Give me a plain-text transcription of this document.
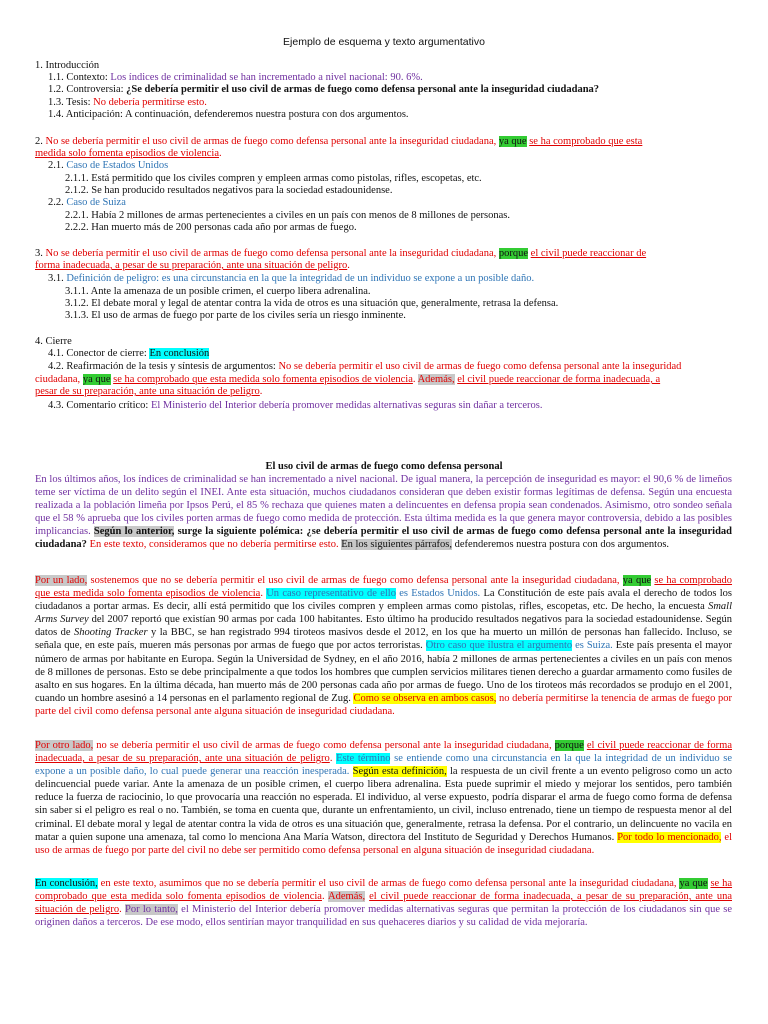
Ejemplo de esquema y texto argumentativo
1. Introducción
1.1. Contexto: Los índices de criminalidad se han incrementado a nivel nacional: 90. 6%.
1.2. Controversia: ¿Se debería permitir el uso civil de armas de fuego como defensa personal ante la inseguridad ciudadana?
1.3. Tesis: No debería permitirse esto.
1.4. Anticipación: A continuación, defenderemos nuestra postura con dos argumentos.
2. No se debería permitir el uso civil de armas de fuego como defensa personal ante la inseguridad ciudadana, ya que se ha comprobado que esta
medida solo fomenta episodios de violencia.
2.1. Caso de Estados Unidos
2.1.1. Está permitido que los civiles compren y empleen armas como pistolas, rifles, escopetas, etc.
2.1.2. Se han producido resultados negativos para la sociedad estadounidense.
2.2. Caso de Suiza
2.2.1. Había 2 millones de armas pertenecientes a civiles en un país con menos de 8 millones de personas.
2.2.2. Han muerto más de 200 personas cada año por armas de fuego.
3. No se debería permitir el uso civil de armas de fuego como defensa personal ante la inseguridad ciudadana, porque el civil puede reaccionar de
forma inadecuada, a pesar de su preparación, ante una situación de peligro.
3.1. Definición de peligro: es una circunstancia en la que la integridad de un individuo se expone a un posible daño.
3.1.1. Ante la amenaza de un posible crimen, el cuerpo libera adrenalina.
3.1.2. El debate moral y legal de atentar contra la vida de otros es una situación que, generalmente, retrasa la defensa.
3.1.3. El uso de armas de fuego por parte de los civiles sería un riesgo inminente.
4. Cierre
4.1. Conector de cierre: En conclusión
4.2. Reafirmación de la tesis y síntesis de argumentos: No se debería permitir el uso civil de armas de fuego como defensa personal ante la inseguridad
ciudadana, ya que se ha comprobado que esta medida solo fomenta episodios de violencia. Además, el civil puede reaccionar de forma inadecuada, a
pesar de su preparación, ante una situación de peligro.
4.3. Comentario crítico: El Ministerio del Interior debería promover medidas alternativas seguras sin dañar a terceros.
El uso civil de armas de fuego como defensa personal
En los últimos años, los índices de criminalidad se han incrementado a nivel nacional. De igual manera, la percepción de inseguridad es mayor: el 90,6 % de limeños teme ser víctima de un delito según el INEI. Ante esta situación, muchos ciudadanos consideran que deben existir formas legítimas de defensa. Según una encuesta realizada a la población limeña por Ipsos Perú, el 85 % rechaza que quienes maten a delincuentes en defensa propia sean condenados. Asimismo, otro sondeo señala que el 58 % aprueba que los civiles porten armas de fuego como medida de protección. Esta última medida es la que genera mayor controversia, debido a las posibles implicancias. Según lo anterior, surge la siguiente polémica: ¿se debería permitir el uso civil de armas de fuego como defensa personal ante la inseguridad ciudadana? En este texto, consideramos que no debería permitirse esto. En los siguientes párrafos, defenderemos nuestra postura con dos argumentos.
Por un lado, sostenemos que no se debería permitir el uso civil de armas de fuego como defensa personal ante la inseguridad ciudadana, ya que se ha comprobado que esta medida solo fomenta episodios de violencia. Un caso representativo de ello es Estados Unidos. La Constitución de este país avala el derecho de todos los ciudadanos a portar armas. Es decir, allí está permitido que los civiles compren y empleen armas como pistolas, rifles, escopetas, etc. De hecho, la encuesta Small Arms Survey del 2007 reportó que existían 90 armas por cada 100 habitantes. Esto último ha producido resultados negativos para la sociedad estadounidense. Según datos de Shooting Tracker y la BBC, se han registrado 994 tiroteos masivos desde el 2012, en los que ha muerto un millón de personas han fallecido. Incluso, se señala que, en este país, mueren más personas por armas de fuego que por actos terroristas. Otro caso que ilustra el argumento es Suiza. Este país presenta el mayor número de armas por habitante en Europa. Según la Universidad de Sydney, en el año 2016, había 2 millones de armas pertenecientes a civiles en un país con menos de 8 millones de personas. Esto se debe principalmente a que todos los hombres que cumplen servicios militares tienen derecho a guardar armamento como fusiles de asalto en sus hogares. En la última década, han muerto más de 200 personas cada año por armas de fuego. Uno de los tiroteos más recordados se produjo en el 2001, cuando un hombre asesinó a 14 personas en el parlamento regional de Zug. Como se observa en ambos casos, no debería permitirse la tenencia de armas de fuego por parte del civil como defensa personal ante alguna situación de inseguridad ciudadana.
Por otro lado, no se debería permitir el uso civil de armas de fuego como defensa personal ante la inseguridad ciudadana, porque el civil puede reaccionar de forma inadecuada, a pesar de su preparación, ante una situación de peligro. Este término se entiende como una circunstancia en la que la integridad de un individuo se expone a un posible daño, lo cual puede generar una reacción inesperada. Según esta definición, la respuesta de un civil frente a un evento peligroso como un acto delincuencial puede variar. Ante la amenaza de un posible crimen, el cuerpo libera adrenalina. Esta puede suprimir el miedo y mejorar los sentidos, pero también reduce la fuerza de raciocinio, lo que provocaría una reacción no esperada. El individuo, al verse expuesto, podría disparar el arma de fuego como forma de defensa sin saber si el peligro es real o no. También, se toma en cuenta que, durante un enfrentamiento, un civil, incluso entrenado, tiene un tiempo de respuesta menor al del criminal. El debate moral y legal de atentar contra la vida de otros es una situación que, generalmente, retrasa la defensa. Por el contrario, un delincuente no vacila en matar a quien supone una amenaza, tal como lo menciona Ana María Watson, directora del Instituto de Seguridad y Derechos Humanos. Por todo lo mencionado, el uso de armas de fuego por parte del civil no debe ser permitido como defensa personal en alguna situación de inseguridad ciudadana.
En conclusión, en este texto, asumimos que no se debería permitir el uso civil de armas de fuego como defensa personal ante la inseguridad ciudadana, ya que se ha comprobado que esta medida solo fomenta episodios de violencia. Además, el civil puede reaccionar de forma inadecuada, a pesar de su preparación, ante una situación de peligro. Por lo tanto, el Ministerio del Interior debería promover medidas alternativas seguras que permitan la protección de los ciudadanos sin que se originen daños a terceros. De ese modo, ellos sentirían mayor tranquilidad en sus quehaceres diarios y su calidad de vida mejoraría.
